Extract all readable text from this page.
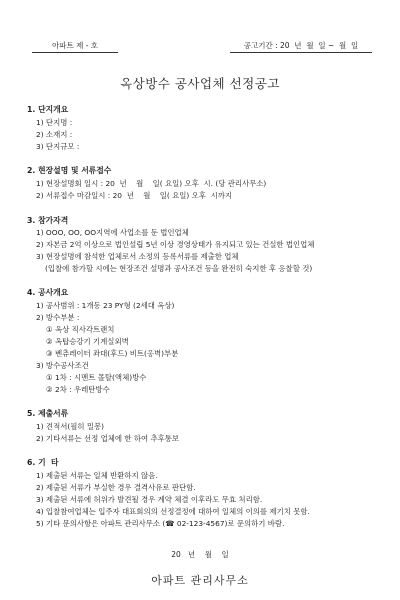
아파트 제 - 호	공고기간 : 20  년  월  일 ~  월  일
옥상방수 공사업체 선정공고
1. 단지개요
1) 단지명 :
2) 소재지 :
3) 단지규모 :
2. 현장설명 및 서류접수
1) 현장설명회 일시 : 20  년    월    일( 요일) 오후  시. (당 관리사무소)
2) 서류접수 마감일시 : 20  년    월    일( 요일) 오후  시까지
3. 참가자격
1) OOO, OO, OO지역에 사업소를 둔 법인업체
2) 자본금 2억 이상으로 법인설립 5년 이상 경영상태가 유지되고 있는 건실한 법인업체
3) 현장설명에 참석한 업체로서 소정의 등록서류를 제출한 업체
(입찰에 참가할 시에는 현장조건 설명과 공사조건 등을 완전히 숙지한 후 응찰할 것)
4. 공사개요
1) 공사범위 : 1개동 23 PY형 (2세대 옥상)
2) 방수부분 :
① 옥상 직사각트랜치
② 옥탑승강기 기계실외벽
③ 벤츄레이터 좌대(후드) 비트(옹벽)부분
3) 방수공사조건
① 1차 : 시멘트 몰탈(액체)방수
② 2차 : 우레탄방수
5. 제출서류
1) 견적서(필히 밀봉)
2) 기타서류는 선정 업체에 한 하여 추후통보
6. 기  타
1) 제출된 서류는 일체 반환하지 않음.
2) 제출된 서류가 부실한 경우 결격사유로 판단함.
3) 제출된 서류에 허위가 발견될 경우 계약 체결 이후라도 무효 처리함.
4) 입찰참여업체는 입주자 대표회의의 선정결정에 대하여 일체의 이의를 제기치 못함.
5) 기타 문의사항은 아파트 관리사무소 (☎ 02-123-4567)로 문의하기 바람.
20   년    월    일
아파트 관리사무소
